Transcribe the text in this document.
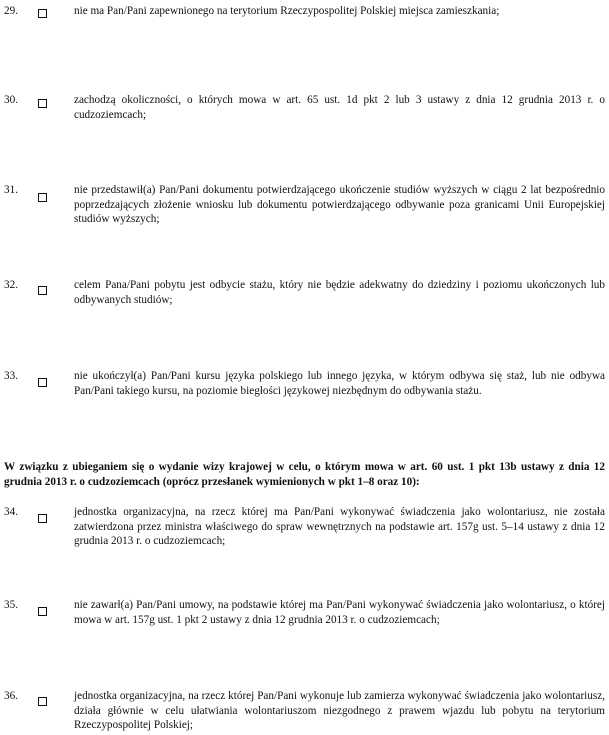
29.	nie ma Pan/Pani zapewnionego na terytorium Rzeczypospolitej Polskiej miejsca zamieszkania;
30.	zachodzą okoliczności, o których mowa w art. 65 ust. 1d pkt 2 lub 3 ustawy z dnia 12 grudnia 2013 r. o cudzoziemcach;
31.	nie przedstawił(a) Pan/Pani dokumentu potwierdzającego ukończenie studiów wyższych w ciągu 2 lat bezpośrednio poprzedzających złożenie wniosku lub dokumentu potwierdzającego odbywanie poza granicami Unii Europejskiej studiów wyższych;
32.	celem Pana/Pani pobytu jest odbycie stażu, który nie będzie adekwatny do dziedziny i poziomu ukończonych lub odbywanych studiów;
33.	nie ukończył(a) Pan/Pani kursu języka polskiego lub innego języka, w którym odbywa się staż, lub nie odbywa Pan/Pani takiego kursu, na poziomie biegłości językowej niezbędnym do odbywania stażu.
W związku z ubieganiem się o wydanie wizy krajowej w celu, o którym mowa w art. 60 ust. 1 pkt 13b ustawy z dnia 12 grudnia 2013 r. o cudzoziemcach (oprócz przesłanek wymienionych w pkt 1–8 oraz 10):
34.	jednostka organizacyjna, na rzecz której ma Pan/Pani wykonywać świadczenia jako wolontariusz, nie została zatwierdzona przez ministra właściwego do spraw wewnętrznych na podstawie art. 157g ust. 5–14 ustawy z dnia 12 grudnia 2013 r. o cudzoziemcach;
35.	nie zawarł(a) Pan/Pani umowy, na podstawie której ma Pan/Pani wykonywać świadczenia jako wolontariusz, o której mowa w art. 157g ust. 1 pkt 2 ustawy z dnia 12 grudnia 2013 r. o cudzoziemcach;
36.	jednostka organizacyjna, na rzecz której Pan/Pani wykonuje lub zamierza wykonywać świadczenia jako wolontariusz, działa głównie w celu ułatwiania wolontariuszom niezgodnego z prawem wjazdu lub pobytu na terytorium Rzeczypospolitej Polskiej;
